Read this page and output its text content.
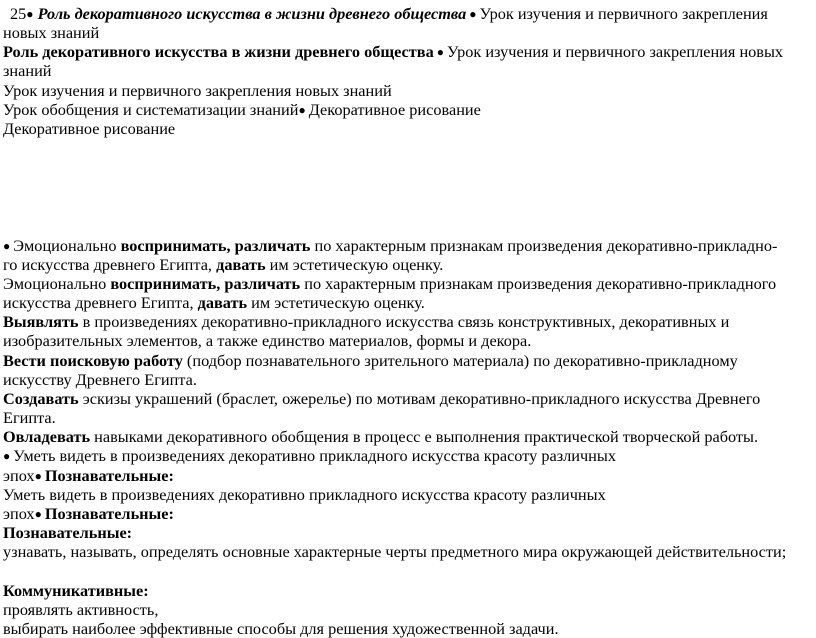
25● Роль декоративного искусства в жизни древнего общества ● Урок изучения и первичного закрепления
новых знаний
Роль декоративного искусства в жизни древнего общества ● Урок изучения и первичного закрепления новых
знаний
Урок изучения и первичного закрепления новых знаний
Урок обобщения и систематизации знаний● Декоративное рисование
Декоративное рисование
● Эмоционально воспринимать, различать по характерным признакам произведения декоративно-прикладно-
го искусства древнего Египта, давать им эстетическую оценку.
Эмоционально воспринимать, различать по характерным признакам произведения декоративно-прикладного
искусства древнего Египта, давать им эстетическую оценку.
Выявлять в произведениях декоративно-прикладного искусства связь конструктивных, декоративных и
изобразительных элементов, а также единство материалов, формы и декора.
Вести поисковую работу (подбор познавательного зрительного материала) по декоративно-прикладному
искусству Древнего Египта.
Создавать эскизы украшений (браслет, ожерелье) по мотивам декоративно-прикладного искусства Древнего
Египта.
Овладевать навыками декоративного обобщения в процесс е выполнения практической творческой работы.
● Уметь видеть в произведениях декоративно прикладного искусства красоту различных
эпох● Познавательные:
Уметь видеть в произведениях декоративно прикладного искусства красоту различных
эпох● Познавательные:
Познавательные:
узнавать, называть, определять основные характерные черты предметного мира окружающей действительности;
Коммуникативные:
проявлять активность,
выбирать наиболее эффективные способы для решения художественной задачи.
